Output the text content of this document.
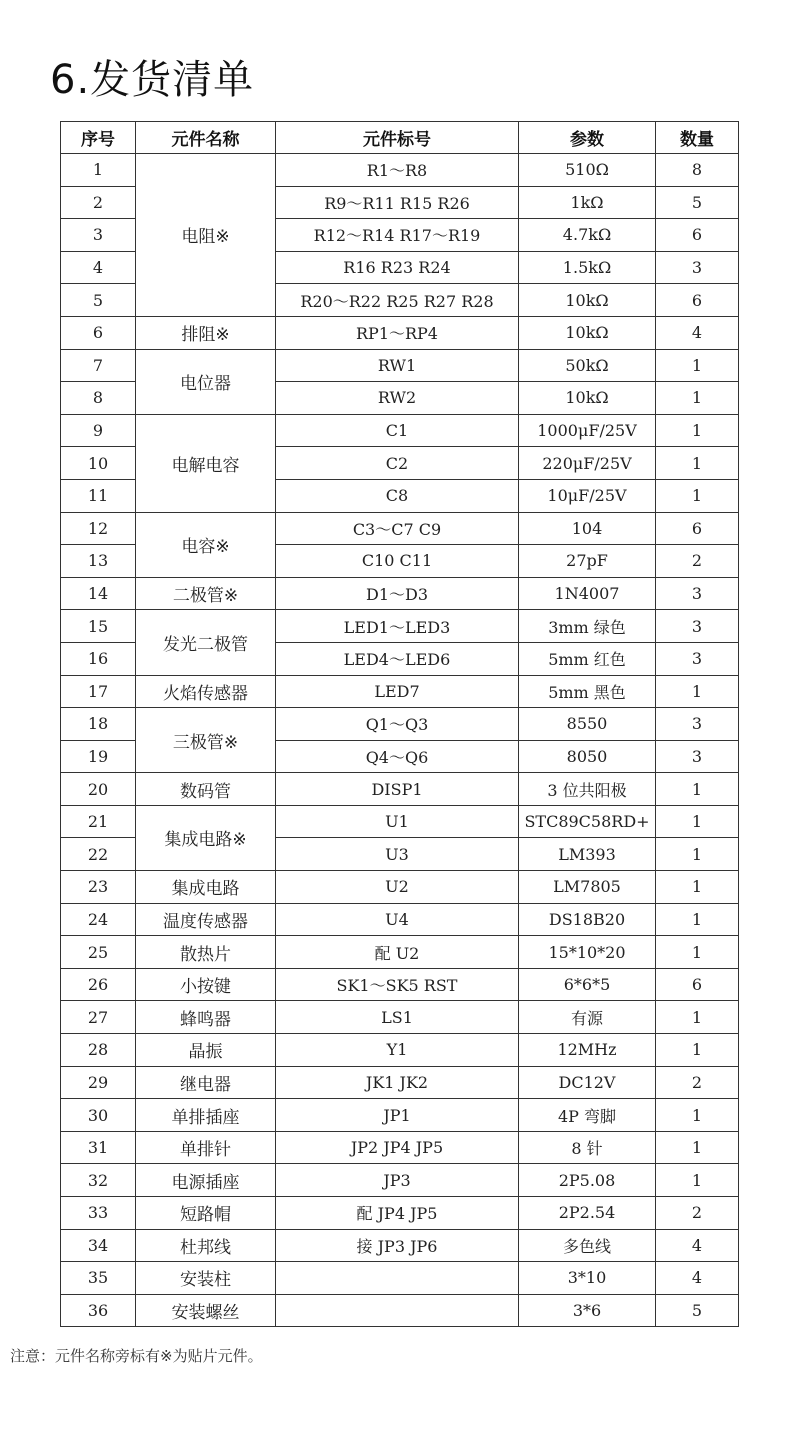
6.发货清单
序号	元件名称	元件标号	参数	数量
1	电阻※	R1～R8	510Ω	8
2		R9～R11 R15 R26	1kΩ	5
3		R12～R14 R17～R19	4.7kΩ	6
4		R16 R23 R24	1.5kΩ	3
5		R20～R22 R25 R27 R28	10kΩ	6
6	排阻※	RP1～RP4	10kΩ	4
7	电位器	RW1	50kΩ	1
8		RW2	10kΩ	1
9	电解电容	C1	1000μF/25V	1
10		C2	220μF/25V	1
11		C8	10μF/25V	1
12	电容※	C3～C7 C9	104	6
13		C10 C11	27pF	2
14	二极管※	D1～D3	1N4007	3
15	发光二极管	LED1～LED3	3mm 绿色	3
16		LED4～LED6	5mm 红色	3
17	火焰传感器	LED7	5mm 黑色	1
18	三极管※	Q1～Q3	8550	3
19		Q4～Q6	8050	3
20	数码管	DISP1	3 位共阳极	1
21	集成电路※	U1	STC89C58RD+	1
22		U3	LM393	1
23	集成电路	U2	LM7805	1
24	温度传感器	U4	DS18B20	1
25	散热片	配 U2	15*10*20	1
26	小按键	SK1～SK5 RST	6*6*5	6
27	蜂鸣器	LS1	有源	1
28	晶振	Y1	12MHz	1
29	继电器	JK1 JK2	DC12V	2
30	单排插座	JP1	4P 弯脚	1
31	单排针	JP2 JP4 JP5	8 针	1
32	电源插座	JP3	2P5.08	1
33	短路帽	配 JP4 JP5	2P2.54	2
34	杜邦线	接 JP3 JP6	多色线	4
35	安装柱		3*10	4
36	安装螺丝		3*6	5
注意：元件名称旁标有※为贴片元件。
